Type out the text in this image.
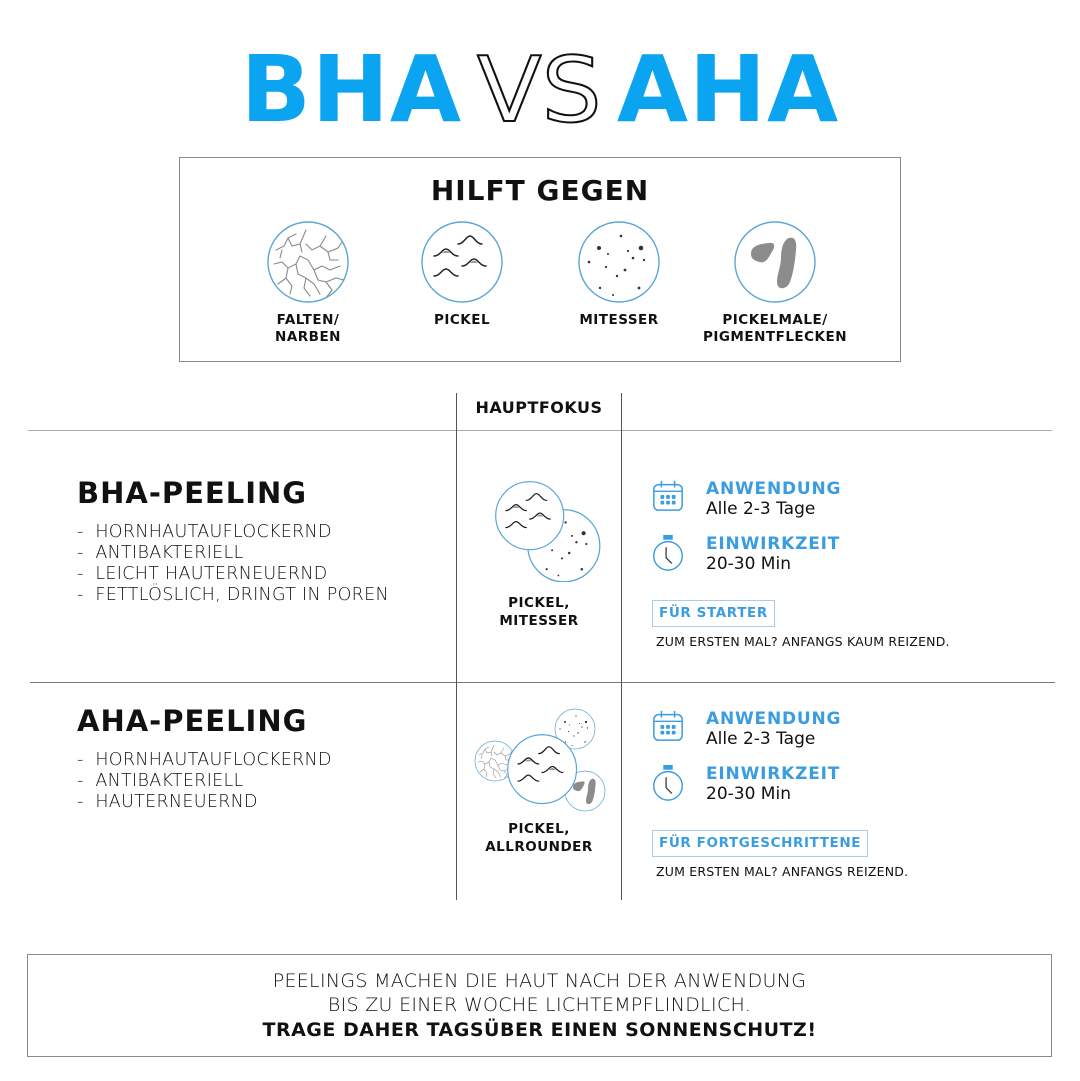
BHA VS AHA
HILFT GEGEN
FALTEN/
NARBEN
PICKEL	MITESSER	PICKELMALE/
PIGMENTFLECKEN
HAUPTFOKUS
BHA-PEELING
- HORNHAUTAUFLOCKERND
- ANTIBAKTERIELL
- LEICHT HAUTERNEUERND
- FETTLÖSLICH, DRINGT IN POREN	PICKEL,
MITESSER
ANWENDUNG
Alle 2-3 Tage
EINWIRKZEIT
20-30 Min
FÜR STARTER
ZUM ERSTEN MAL? ANFANGS KAUM REIZEND.
AHA-PEELING
- HORNHAUTAUFLOCKERND
- ANTIBAKTERIELL
- HAUTERNEUERND
PICKEL,
ALLROUNDER
ANWENDUNG
Alle 2-3 Tage
EINWIRKZEIT
20-30 Min
FÜR FORTGESCHRITTENE
ZUM ERSTEN MAL? ANFANGS REIZEND.
PEELINGS MACHEN DIE HAUT NACH DER ANWENDUNG
BIS ZU EINER WOCHE LICHTEMPFLINDLICH.
TRAGE DAHER TAGSÜBER EINEN SONNENSCHUTZ!
